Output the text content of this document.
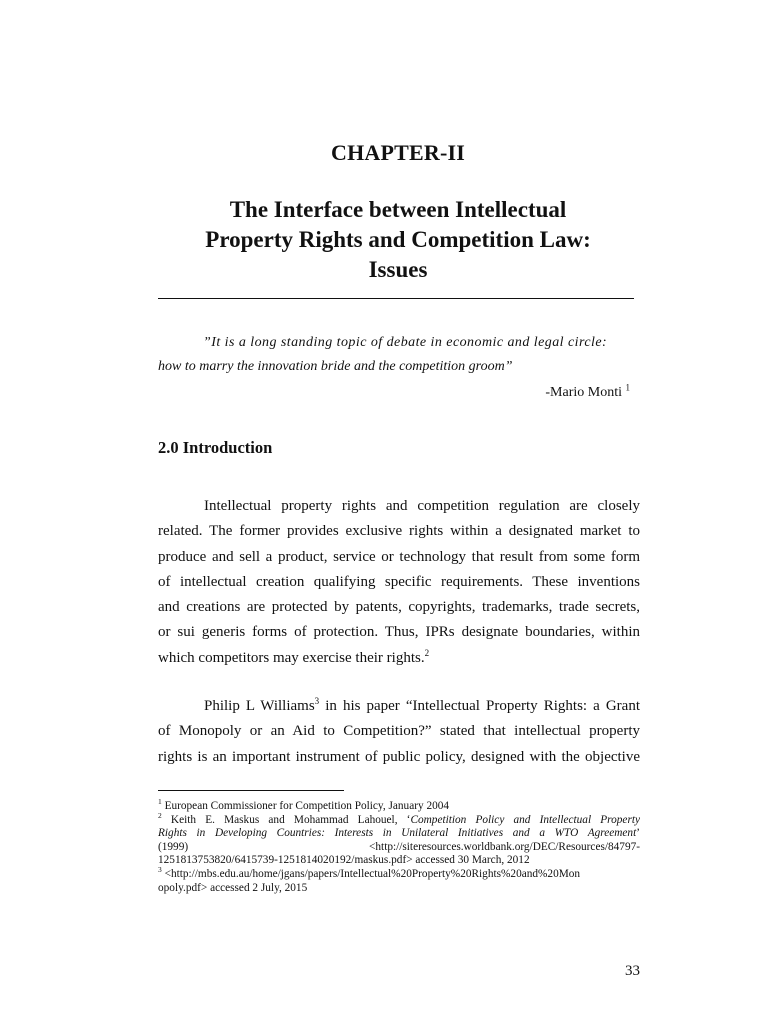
CHAPTER-II
The Interface between Intellectual
Property Rights and Competition Law:
Issues
”It is a long standing topic of debate in economic and legal circle:
how to marry the innovation bride and the competition groom”
-Mario Monti $^1$
2.0 Introduction
Intellectual property rights and competition regulation are closely
related. The former provides exclusive rights within a designated market to
produce and sell a product, service or technology that result from some form
of intellectual creation qualifying specific requirements. These inventions
and creations are protected by patents, copyrights, trademarks, trade secrets,
or sui generis forms of protection. Thus, IPRs designate boundaries, within
which competitors may exercise their rights.$^2$
Philip L Williams$^3$ in his paper “Intellectual Property Rights: a Grant
of Monopoly or an Aid to Competition?” stated that intellectual property
rights is an important instrument of public policy, designed with the objective
$^1$ European Commissioner for Competition Policy, January 2004
$^2$ Keith E. Maskus and Mohammad Lahouel, ‘Competition Policy and Intellectual Property
Rights in Developing Countries: Interests in Unilateral Initiatives and a WTO Agreement’
(1999)	<http://siteresources.worldbank.org/DEC/Resources/84797-
1251813753820/6415739-1251814020192/maskus.pdf> accessed 30 March, 2012
$^3$ <http://mbs.edu.au/home/jgans/papers/Intellectual%20Property%20Rights%20and%20Mon
opoly.pdf> accessed 2 July, 2015
33
